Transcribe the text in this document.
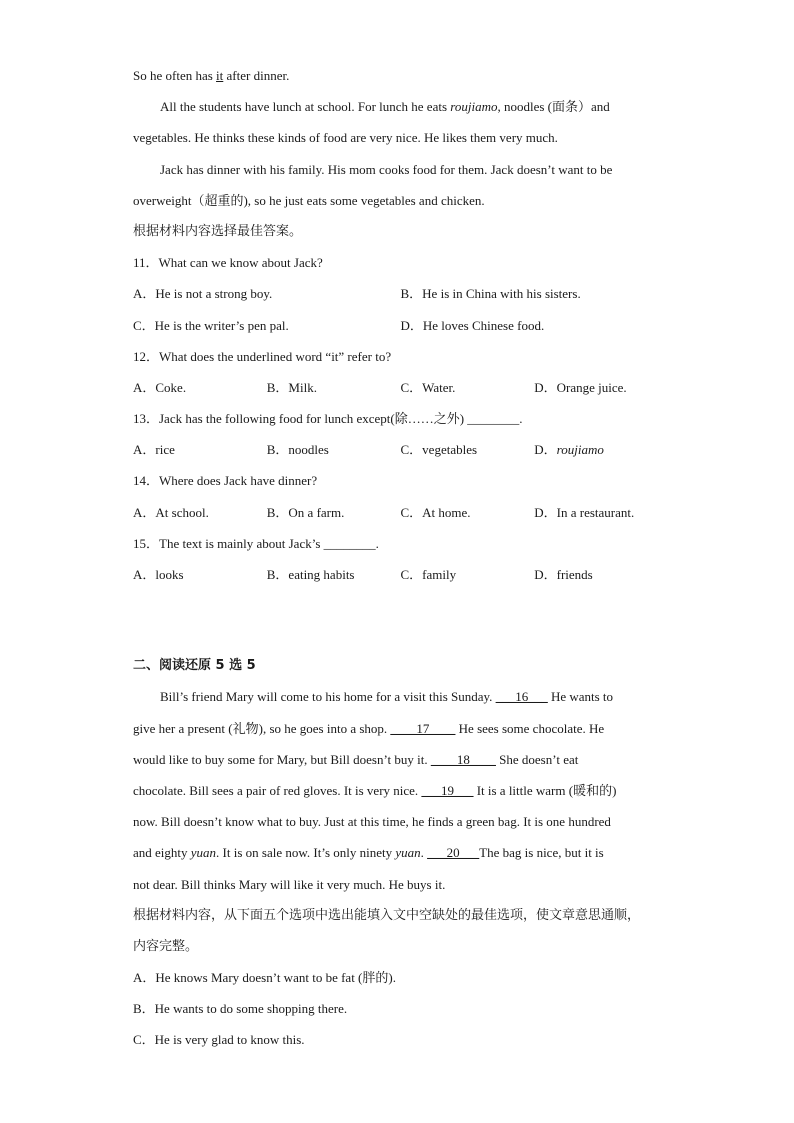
So he often has it after dinner.
All the students have lunch at school. For lunch he eats roujiamo, noodles (面条）and
vegetables. He thinks these kinds of food are very nice. He likes them very much.
Jack has dinner with his family. His mom cooks food for them. Jack doesn’t want to be
overweight（超重的), so he just eats some vegetables and chicken.
根据材料内容选择最佳答案。
11．What can we know about Jack?
A．He is not a strong boy.	B．He is in China with his sisters.
C．He is the writer’s pen pal.	D．He loves Chinese food.
12．What does the underlined word “it” refer to?
A．Coke.	B．Milk.	C．Water.	D．Orange juice.
13．Jack has the following food for lunch except(除……之外) ________.
A．rice	B．noodles	C．vegetables	D．roujiamo
14．Where does Jack have dinner?
A．At school.	B．On a farm.	C．At home.	D．In a restaurant.
15．The text is mainly about Jack’s ________.
A．looks	B．eating habits	C．family	D．friends
二、阅读还原 5 选 5
Bill’s friend Mary will come to his home for a visit this Sunday. ___16___ He wants to
give her a present (礼物), so he goes into a shop. ____17____ He sees some chocolate. He
would like to buy some for Mary, but Bill doesn’t buy it. ____18____ She doesn’t eat
chocolate. Bill sees a pair of red gloves. It is very nice. ___19___ It is a little warm (暖和的)
now. Bill doesn’t know what to buy. Just at this time, he finds a green bag. It is one hundred
and eighty yuan. It is on sale now. It’s only ninety yuan. ___20___The bag is nice, but it is
not dear. Bill thinks Mary will like it very much. He buys it.
根据材料内容，从下面五个选项中选出能填入文中空缺处的最佳选项，使文章意思通顺，
内容完整。
A．He knows Mary doesn’t want to be fat (胖的).
B．He wants to do some shopping there.
C．He is very glad to know this.
